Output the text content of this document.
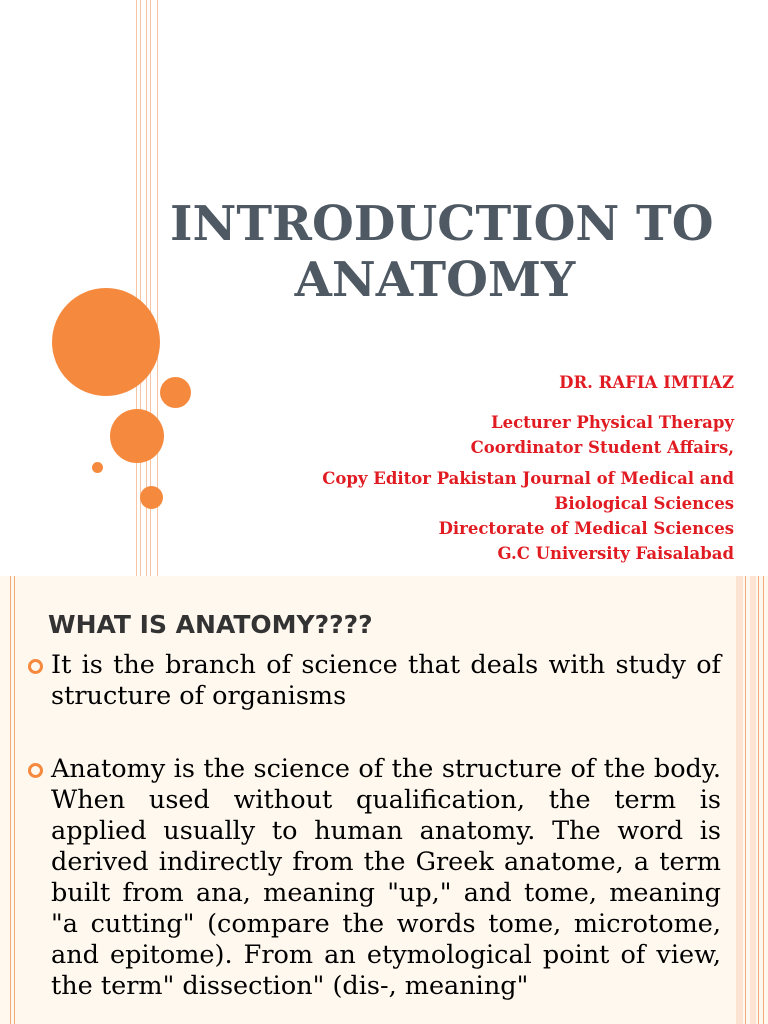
INTRODUCTION TO
ANATOMY
DR. RAFIA IMTIAZ
Lecturer Physical Therapy
Coordinator Student Affairs,
Copy Editor Pakistan Journal of Medical and
Biological Sciences
Directorate of Medical Sciences
G.C University Faisalabad
WHAT IS ANATOMY????
It is the branch of science that deals with study of structure of organisms
Anatomy is the science of the structure of the body. When used without qualification, the term is applied usually to human anatomy. The word is derived indirectly from the Greek anatome, a term built from ana, meaning "up," and tome, meaning "a cutting" (compare the words tome, microtome, and epitome). From an etymological point of view, the term" dissection" (dis-, meaning"
